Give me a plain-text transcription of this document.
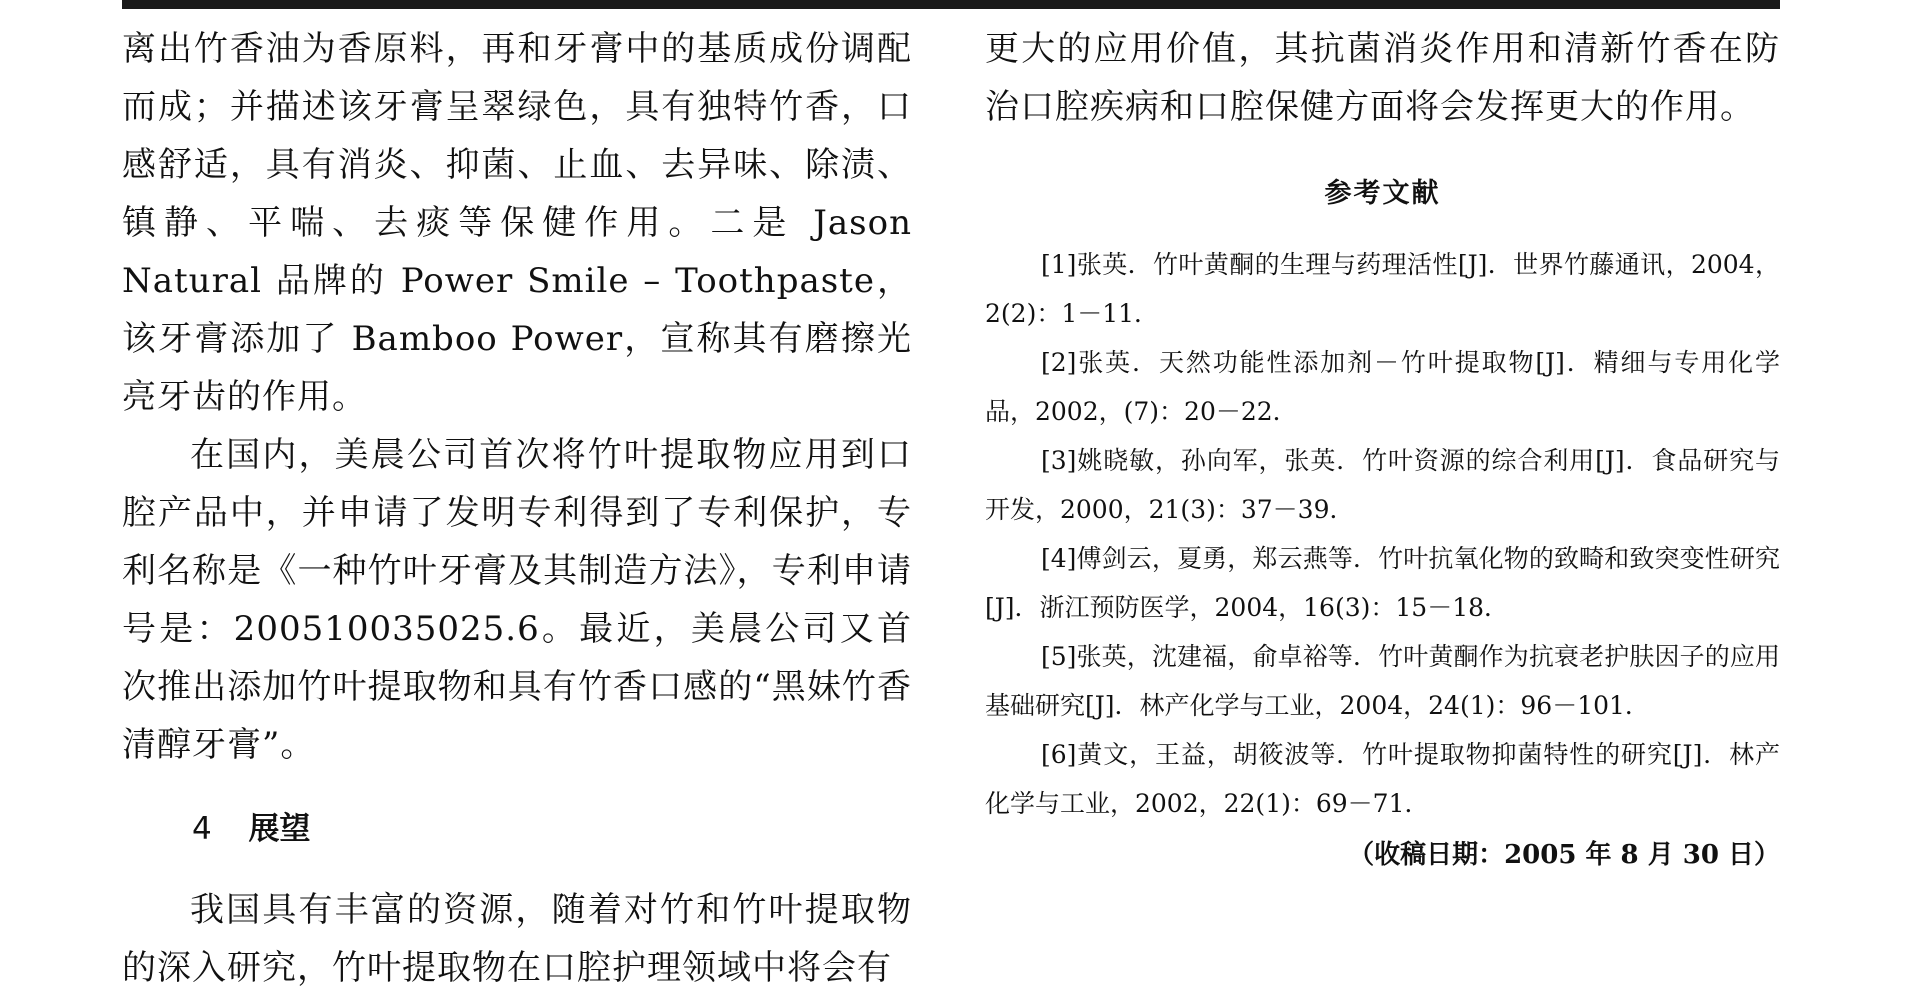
离出竹香油为香原料，再和牙膏中的基质成份调配而成；并描述该牙膏呈翠绿色，具有独特竹香，口感舒适，具有消炎、抑菌、止血、去异味、除渍、镇静、平喘、去痰等保健作用。二是 Jason Natural 品牌的 Power Smile – Toothpaste，该牙膏添加了 Bamboo Power，宣称其有磨擦光亮牙齿的作用。

在国内，美晨公司首次将竹叶提取物应用到口腔产品中，并申请了发明专利得到了专利保护，专利名称是《一种竹叶牙膏及其制造方法》，专利申请号是：200510035025.6。最近，美晨公司又首次推出添加竹叶提取物和具有竹香口感的“黑妹竹香清醇牙膏”。

4 展望

我国具有丰富的资源，随着对竹和竹叶提取物的深入研究，竹叶提取物在口腔护理领域中将会有

更大的应用价值，其抗菌消炎作用和清新竹香在防治口腔疾病和口腔保健方面将会发挥更大的作用。

参考文献

[1]张英．竹叶黄酮的生理与药理活性[J]．世界竹藤通讯，2004，2(2)：1－11．

[2]张英．天然功能性添加剂－竹叶提取物[J]．精细与专用化学品，2002，(7)：20－22．

[3]姚晓敏，孙向军，张英．竹叶资源的综合利用[J]．食品研究与开发，2000，21(3)：37－39．

[4]傅剑云，夏勇，郑云燕等．竹叶抗氧化物的致畸和致突变性研究[J]．浙江预防医学，2004，16(3)：15－18．

[5]张英，沈建福，俞卓裕等．竹叶黄酮作为抗衰老护肤因子的应用基础研究[J]．林产化学与工业，2004，24(1)：96－101．

[6]黄文，王益，胡筱波等．竹叶提取物抑菌特性的研究[J]．林产化学与工业，2002，22(1)：69－71．

（收稿日期：2005 年 8 月 30 日）
